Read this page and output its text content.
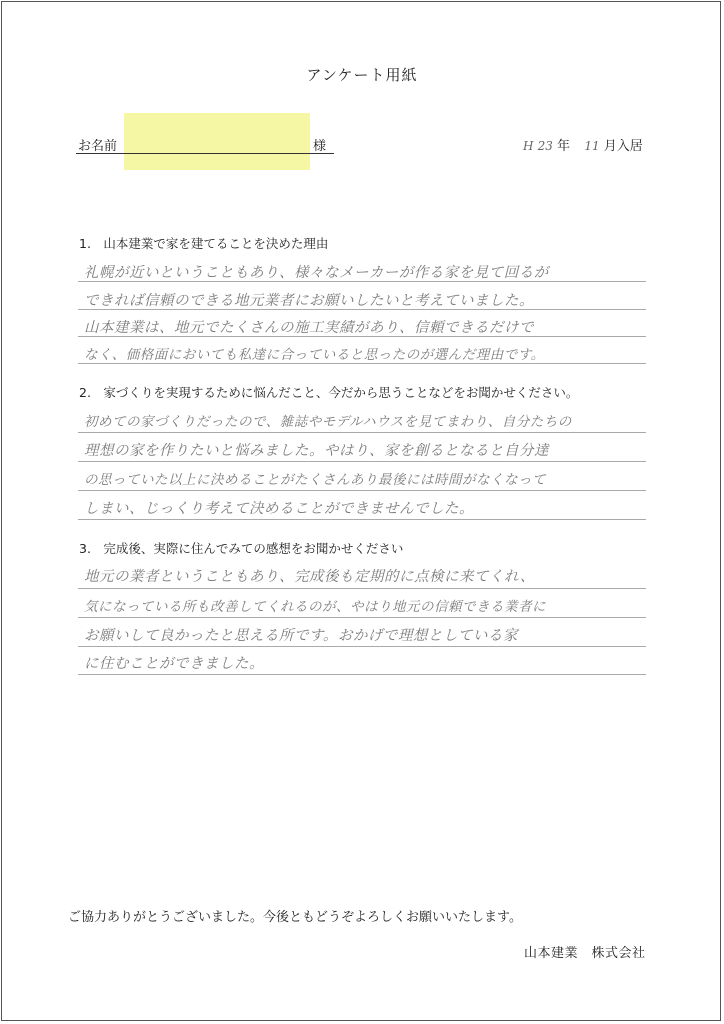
アンケート用紙
お名前	様	H 23 年 11 月入居
1.　山本建業で家を建てることを決めた理由
礼幌が近いということもあり、様々なメーカーが作る家を見て回るが
できれば信頼のできる地元業者にお願いしたいと考えていました。
山本建業は、地元でたくさんの施工実績があり、信頼できるだけで
なく、価格面においても私達に合っていると思ったのが選んだ理由です。
2.　家づくりを実現するために悩んだこと、今だから思うことなどをお聞かせください。
初めての家づくりだったので、雑誌やモデルハウスを見てまわり、自分たちの
理想の家を作りたいと悩みました。やはり、家を創るとなると自分達
の思っていた以上に決めることがたくさんあり最後には時間がなくなって
しまい、じっくり考えて決めることができませんでした。
3.　完成後、実際に住んでみての感想をお聞かせください
地元の業者ということもあり、完成後も定期的に点検に来てくれ、
気になっている所も改善してくれるのが、やはり地元の信頼できる業者に
お願いして良かったと思える所です。おかげで理想としている家
に住むことができました。
ご協力ありがとうございました。今後ともどうぞよろしくお願いいたします。
山本建業　株式会社
